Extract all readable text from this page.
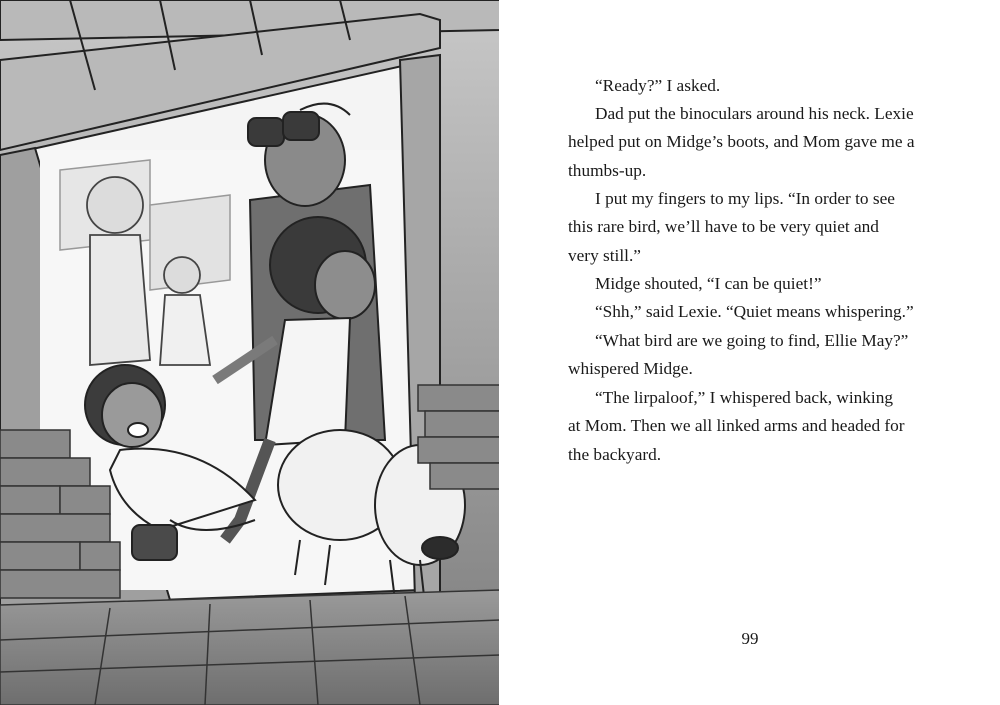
“Ready?” I asked.

Dad put the binoculars around his neck. Lexie
helped put on Midge’s boots, and Mom gave me a
thumbs-up.

I put my fingers to my lips. “In order to see
this rare bird, we’ll have to be very quiet and
very still.”

Midge shouted, “I can be quiet!”

“Shh,” said Lexie. “Quiet means whispering.”

“What bird are we going to find, Ellie May?”
whispered Midge.

“The lirpaloof,” I whispered back, winking
at Mom. Then we all linked arms and headed for
the backyard.

99
